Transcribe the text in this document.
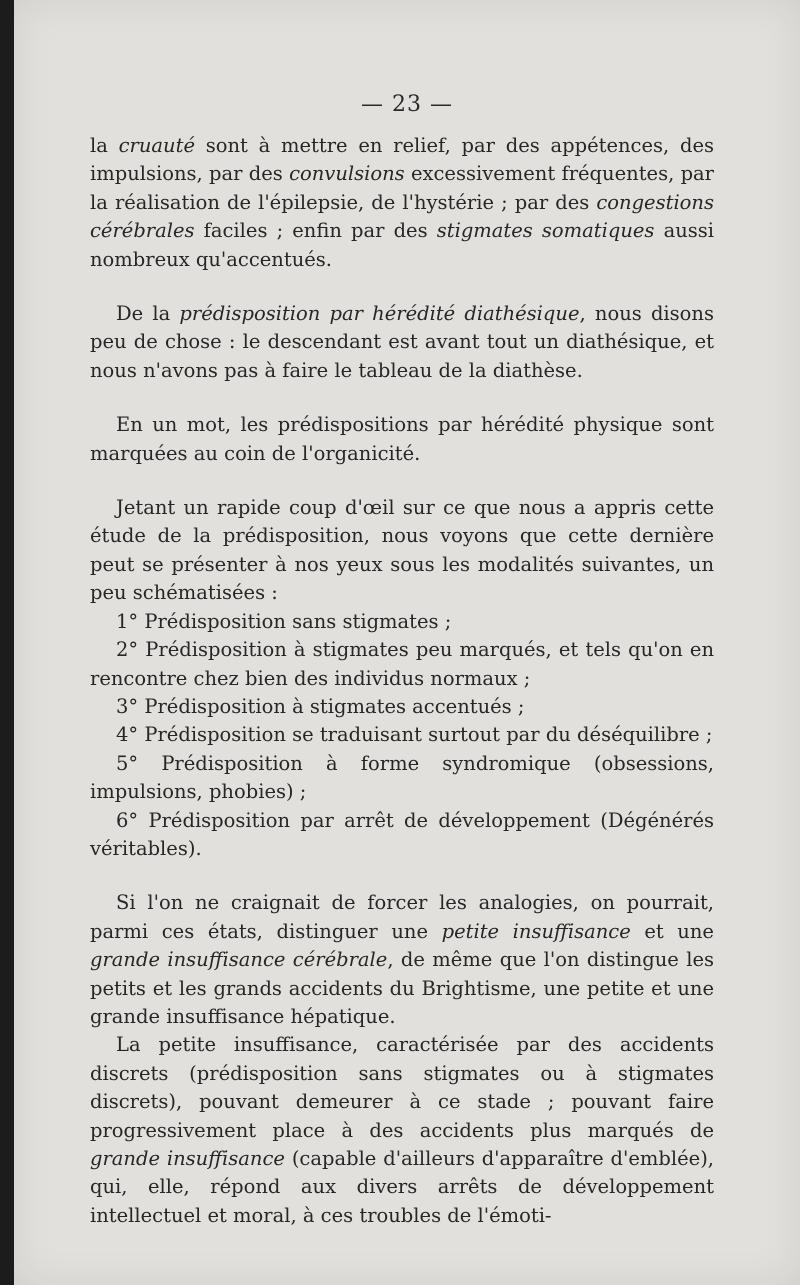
— 23 —

la cruauté sont à mettre en relief, par des appétences, des impulsions, par des convulsions excessivement fréquentes, par la réalisation de l'épilepsie, de l'hystérie ; par des congestions cérébrales faciles ; enfin par des stigmates somatiques aussi nombreux qu'accentués.

De la prédisposition par hérédité diathésique, nous disons peu de chose : le descendant est avant tout un diathésique, et nous n'avons pas à faire le tableau de la diathèse.

En un mot, les prédispositions par hérédité physique sont marquées au coin de l'organicité.

Jetant un rapide coup d'œil sur ce que nous a appris cette étude de la prédisposition, nous voyons que cette dernière peut se présenter à nos yeux sous les modalités suivantes, un peu schématisées :

1° Prédisposition sans stigmates ;

2° Prédisposition à stigmates peu marqués, et tels qu'on en rencontre chez bien des individus normaux ;

3° Prédisposition à stigmates accentués ;

4° Prédisposition se traduisant surtout par du déséquilibre ;

5° Prédisposition à forme syndromique (obsessions, impulsions, phobies) ;

6° Prédisposition par arrêt de développement (Dégénérés véritables).

Si l'on ne craignait de forcer les analogies, on pourrait, parmi ces états, distinguer une petite insuffisance et une grande insuffisance cérébrale, de même que l'on distingue les petits et les grands accidents du Brightisme, une petite et une grande insuffisance hépatique.

La petite insuffisance, caractérisée par des accidents discrets (prédisposition sans stigmates ou à stigmates discrets), pouvant demeurer à ce stade ; pouvant faire progressivement place à des accidents plus marqués de grande insuffisance (capable d'ailleurs d'apparaître d'emblée), qui, elle, répond aux divers arrêts de développement intellectuel et moral, à ces troubles de l'émoti-
